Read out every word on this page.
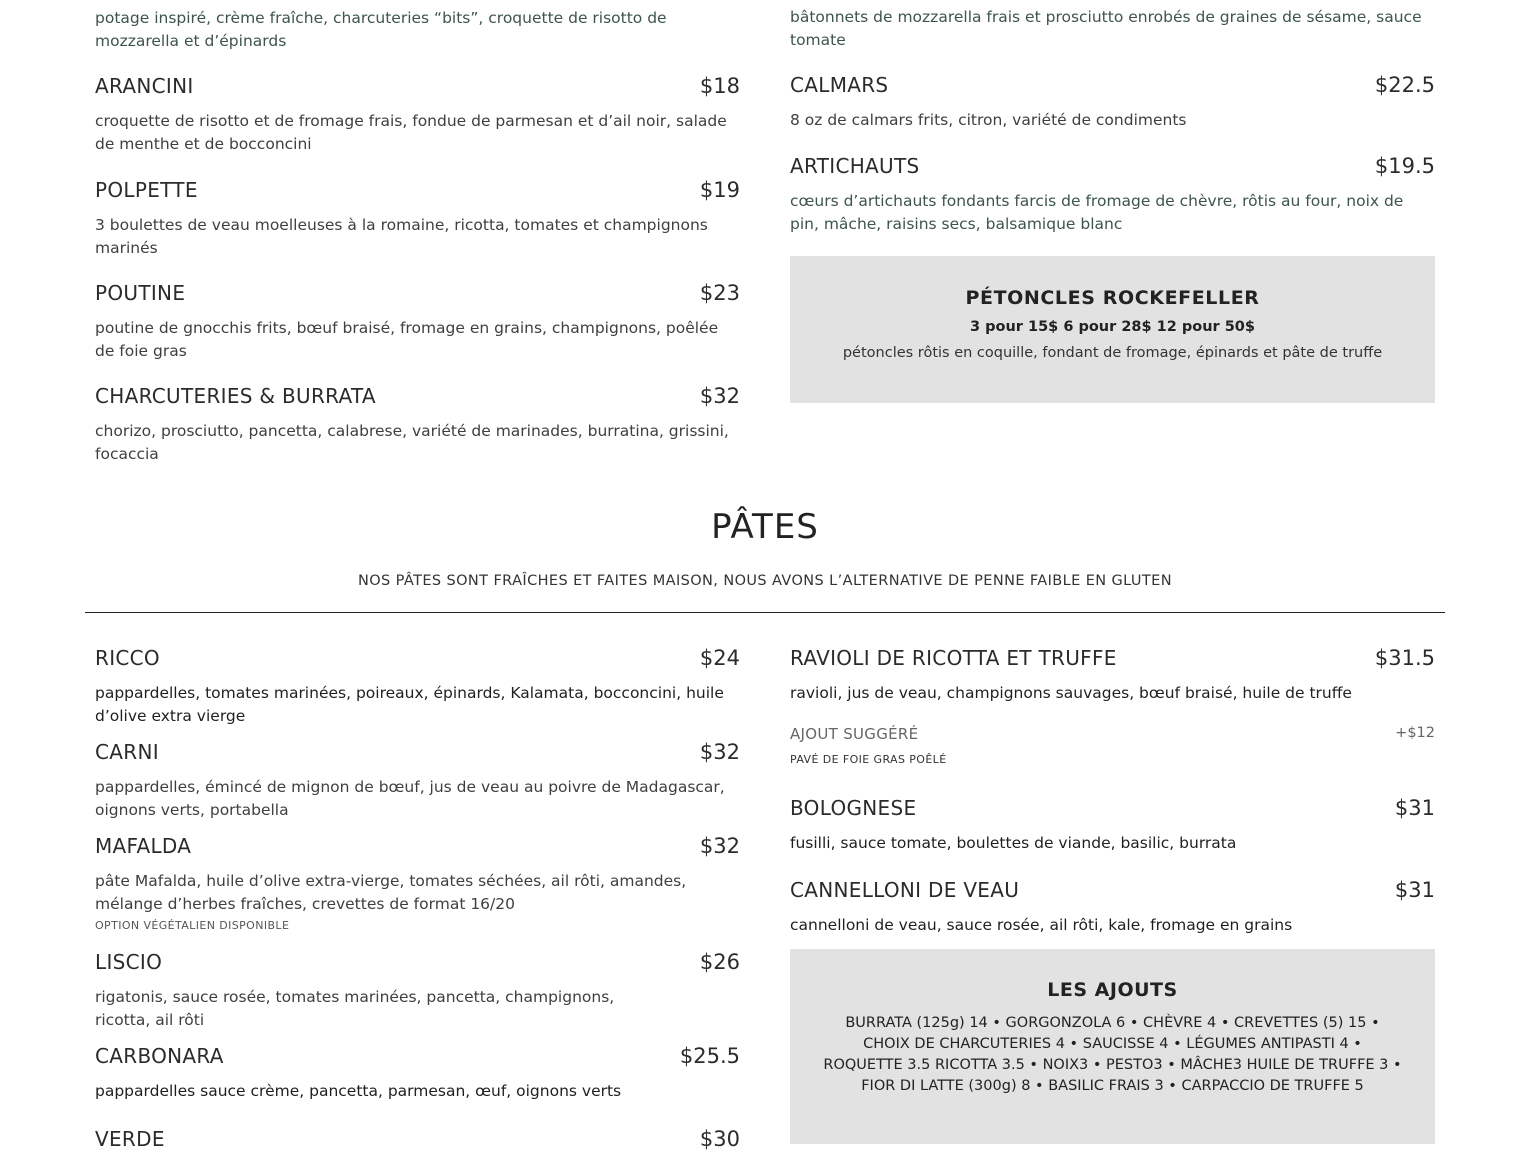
potage inspiré, crème fraîche, charcuteries “bits”, croquette de risotto de mozzarella et d’épinards
ARANCINI	$18
croquette de risotto et de fromage frais, fondue de parmesan et d’ail noir, salade de menthe et de bocconcini
POLPETTE	$19
3 boulettes de veau moelleuses à la romaine, ricotta, tomates et champignons marinés
POUTINE	$23
poutine de gnocchis frits, bœuf braisé, fromage en grains, champignons, poêlée de foie gras
CHARCUTERIES & BURRATA	$32
chorizo, prosciutto, pancetta, calabrese, variété de marinades, burratina, grissini, focaccia
bâtonnets de mozzarella frais et prosciutto enrobés de graines de sésame, sauce tomate
CALMARS	$22.5
8 oz de calmars frits, citron, variété de condiments
ARTICHAUTS	$19.5
cœurs d’artichauts fondants farcis de fromage de chèvre, rôtis au four, noix de pin, mâche, raisins secs, balsamique blanc
PÉTONCLES ROCKEFELLER
3 pour 15$ 6 pour 28$ 12 pour 50$
pétoncles rôtis en coquille, fondant de fromage, épinards et pâte de truffe
PÂTES
NOS PÂTES SONT FRAÎCHES ET FAITES MAISON, NOUS AVONS L’ALTERNATIVE DE PENNE FAIBLE EN GLUTEN
RICCO	$24
pappardelles, tomates marinées, poireaux, épinards, Kalamata, bocconcini, huile d’olive extra vierge
CARNI	$32
pappardelles, émincé de mignon de bœuf, jus de veau au poivre de Madagascar, oignons verts, portabella
MAFALDA	$32
pâte Mafalda, huile d’olive extra-vierge, tomates séchées, ail rôti, amandes, mélange d’herbes fraîches, crevettes de format 16/20
OPTION VÉGÉTALIEN DISPONIBLE
LISCIO	$26
rigatonis, sauce rosée, tomates marinées, pancetta, champignons, ricotta, ail rôti
CARBONARA	$25.5
pappardelles sauce crème, pancetta, parmesan, œuf, oignons verts
VERDE	$30
RAVIOLI DE RICOTTA ET TRUFFE	$31.5
ravioli, jus de veau, champignons sauvages, bœuf braisé, huile de truffe
AJOUT SUGGÉRÉ	+$12
PAVÉ DE FOIE GRAS POÊLÉ
BOLOGNESE	$31
fusilli, sauce tomate, boulettes de viande, basilic, burrata
CANNELLONI DE VEAU	$31
cannelloni de veau, sauce rosée, ail rôti, kale, fromage en grains
LES AJOUTS
BURRATA (125g) 14 • GORGONZOLA 6 • CHÈVRE 4 • CREVETTES (5) 15 • CHOIX DE CHARCUTERIES 4 • SAUCISSE 4 • LÉGUMES ANTIPASTI 4 • ROQUETTE 3.5 RICOTTA 3.5 • NOIX3 • PESTO3 • MÂCHE3 HUILE DE TRUFFE 3 • FIOR DI LATTE (300g) 8 • BASILIC FRAIS 3 • CARPACCIO DE TRUFFE 5
